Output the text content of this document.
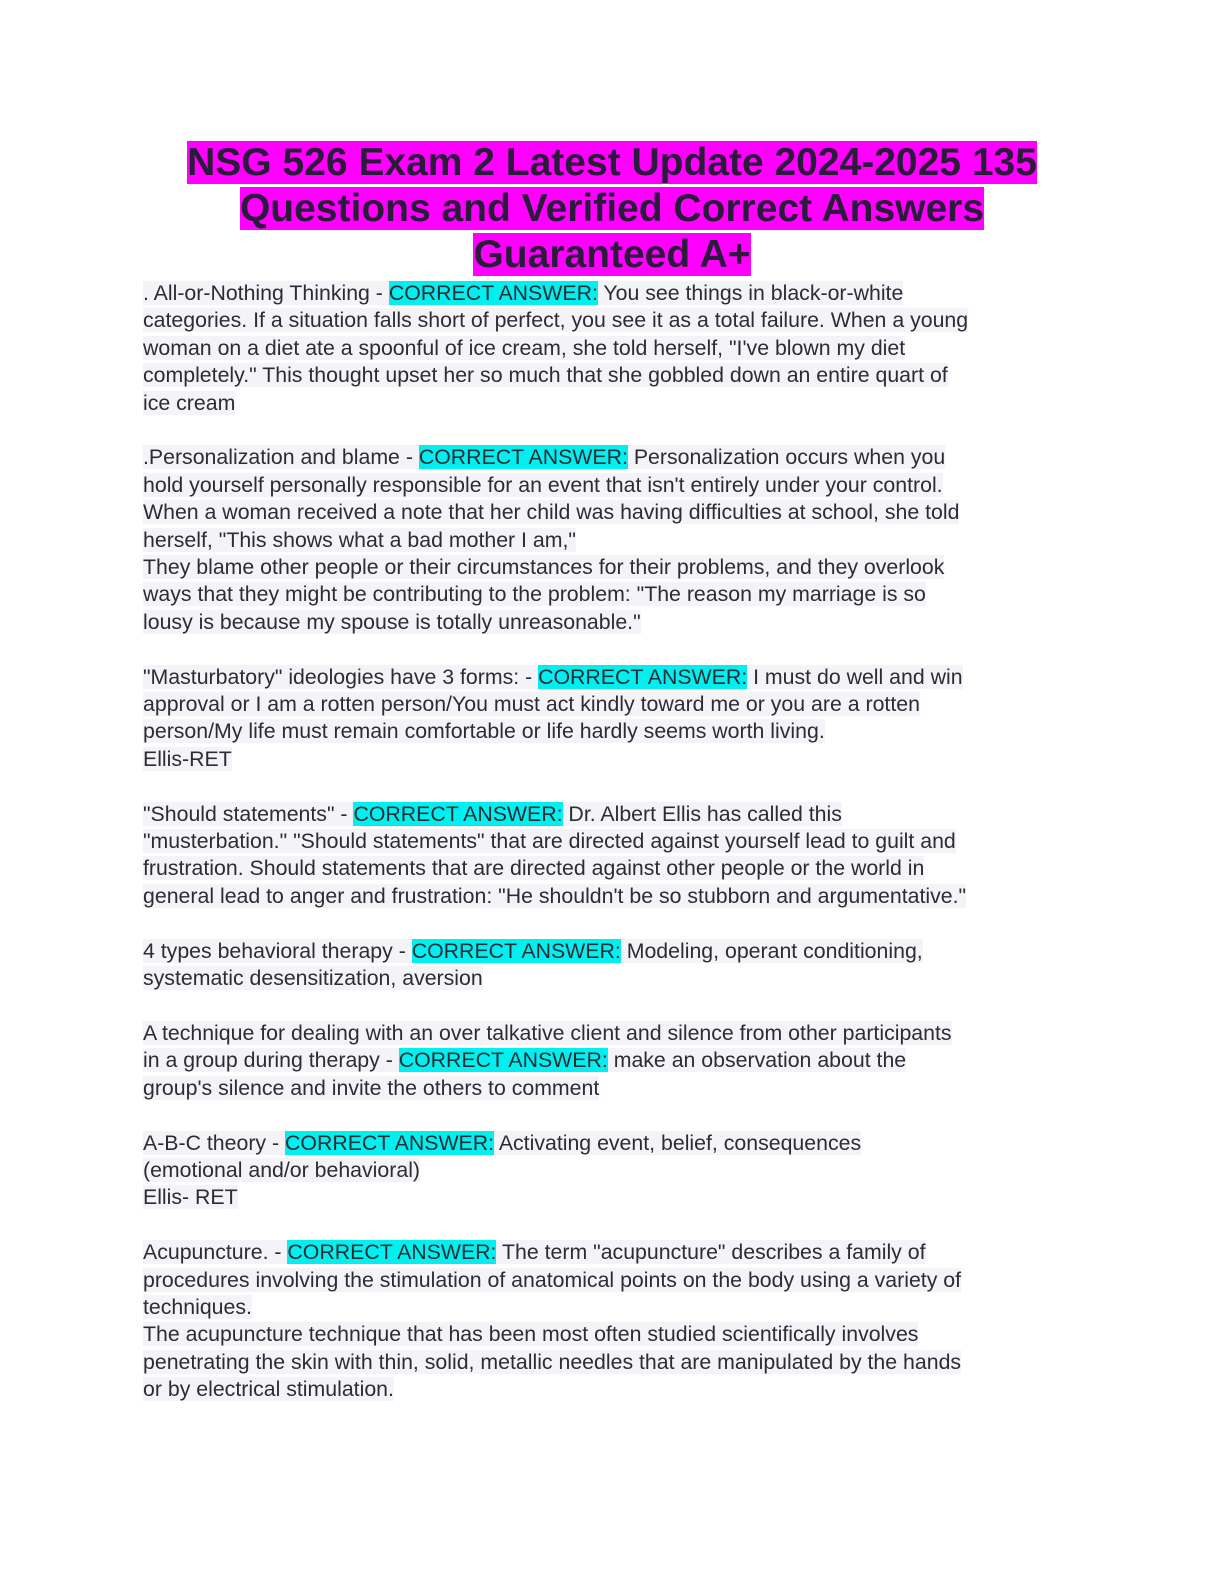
NSG 526 Exam 2 Latest Update 2024-2025 135
Questions and Verified Correct Answers
Guaranteed A+
. All-or-Nothing Thinking - CORRECT ANSWER: You see things in black-or-white
categories. If a situation falls short of perfect, you see it as a total failure. When a young
woman on a diet ate a spoonful of ice cream, she told herself, "I've blown my diet
completely." This thought upset her so much that she gobbled down an entire quart of
ice cream
.Personalization and blame - CORRECT ANSWER: Personalization occurs when you
hold yourself personally responsible for an event that isn't entirely under your control.
When a woman received a note that her child was having difficulties at school, she told
herself, "This shows what a bad mother I am,"
They blame other people or their circumstances for their problems, and they overlook
ways that they might be contributing to the problem: "The reason my marriage is so
lousy is because my spouse is totally unreasonable."
"Masturbatory" ideologies have 3 forms: - CORRECT ANSWER: I must do well and win
approval or I am a rotten person/You must act kindly toward me or you are a rotten
person/My life must remain comfortable or life hardly seems worth living.
Ellis-RET
"Should statements" - CORRECT ANSWER: Dr. Albert Ellis has called this
"musterbation." "Should statements" that are directed against yourself lead to guilt and
frustration. Should statements that are directed against other people or the world in
general lead to anger and frustration: "He shouldn't be so stubborn and argumentative."
4 types behavioral therapy - CORRECT ANSWER: Modeling, operant conditioning,
systematic desensitization, aversion
A technique for dealing with an over talkative client and silence from other participants
in a group during therapy - CORRECT ANSWER: make an observation about the
group's silence and invite the others to comment
A-B-C theory - CORRECT ANSWER: Activating event, belief, consequences
(emotional and/or behavioral)
Ellis- RET
Acupuncture. - CORRECT ANSWER: The term "acupuncture" describes a family of
procedures involving the stimulation of anatomical points on the body using a variety of
techniques.
The acupuncture technique that has been most often studied scientifically involves
penetrating the skin with thin, solid, metallic needles that are manipulated by the hands
or by electrical stimulation.
